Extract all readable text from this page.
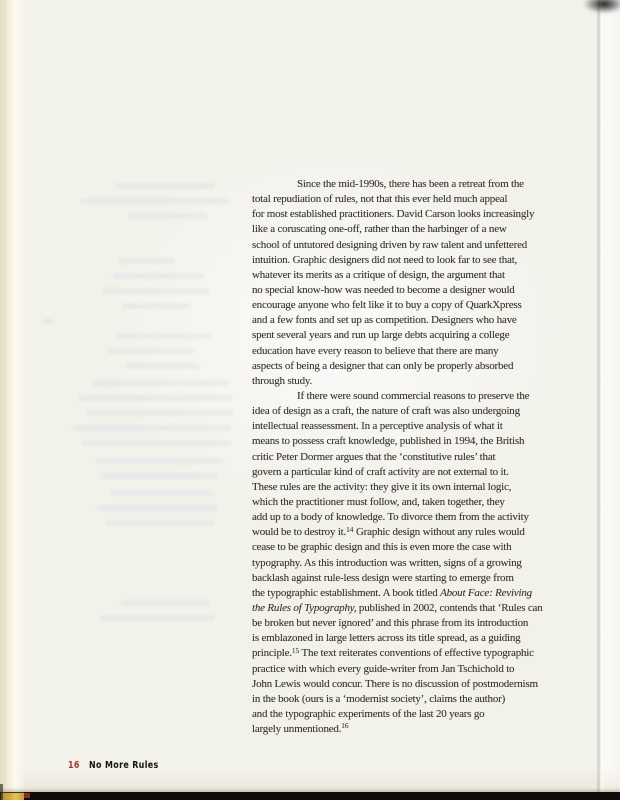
Since the mid-1990s, there has been a retreat from the
total repudiation of rules, not that this ever held much appeal
for most established practitioners. David Carson looks increasingly
like a coruscating one-off, rather than the harbinger of a new
school of untutored designing driven by raw talent and unfettered
intuition. Graphic designers did not need to look far to see that,
whatever its merits as a critique of design, the argument that
no special know-how was needed to become a designer would
encourage anyone who felt like it to buy a copy of QuarkXpress
and a few fonts and set up as competition. Designers who have
spent several years and run up large debts acquiring a college
education have every reason to believe that there are many
aspects of being a designer that can only be properly absorbed
through study.
If there were sound commercial reasons to preserve the
idea of design as a craft, the nature of craft was also undergoing
intellectual reassessment. In a perceptive analysis of what it
means to possess craft knowledge, published in 1994, the British
critic Peter Dormer argues that the ‘constitutive rules’ that
govern a particular kind of craft activity are not external to it.
These rules are the activity: they give it its own internal logic,
which the practitioner must follow, and, taken together, they
add up to a body of knowledge. To divorce them from the activity
would be to destroy it.$^{14}$ Graphic design without any rules would
cease to be graphic design and this is even more the case with
typography. As this introduction was written, signs of a growing
backlash against rule-less design were starting to emerge from
the typographic establishment. A book titled About Face: Reviving
the Rules of Typography, published in 2002, contends that ‘Rules can
be broken but never ignored’ and this phrase from its introduction
is emblazoned in large letters across its title spread, as a guiding
principle.$^{15}$ The text reiterates conventions of effective typographic
practice with which every guide-writer from Jan Tschichold to
John Lewis would concur. There is no discussion of postmodernism
in the book (ours is a ‘modernist society’, claims the author)
and the typographic experiments of the last 20 years go
largely unmentioned.$^{16}$
16 No More Rules
